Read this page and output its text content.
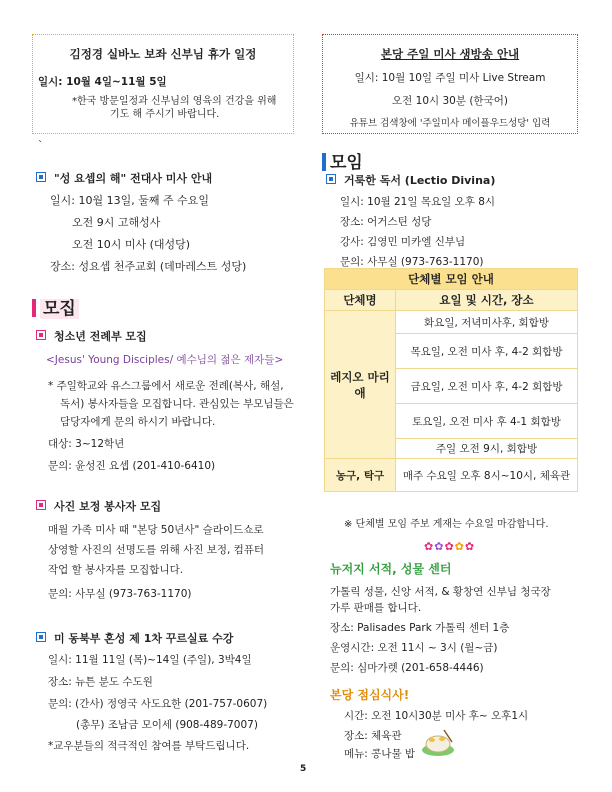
김정경 실바노 보좌 신부님 휴가 일정
일시: 10월 4일~11월 5일
*한국 방문일정과 신부님의 영육의 건강을 위해
기도 해 주시기 바랍니다.
본당 주일 미사 생방송 안내
일시: 10월 10일 주일 미사 Live Stream
오전 10시 30분 (한국어)
유튜브 검색창에 '주일미사 메이플우드성당' 입력
`
"성 요셉의 해" 전대사 미사 안내
일시: 10월 13일, 둘째 주 수요일
오전 9시 고해성사
오전 10시 미사 (대성당)
장소: 성요셉 천주교회 (데마레스트 성당)
모집
청소년 전례부 모집
<Jesus' Young Disciples/ 예수님의 젊은 제자들>
* 주일학교와 유스그룹에서 새로운 전례(복사, 해설,
독서) 봉사자들을 모집합니다. 관심있는 부모님들은
담당자에게 문의 하시기 바랍니다.
대상: 3~12학년
문의: 윤성진 요셉 (201-410-6410)
사진 보정 봉사자 모집
매월 가족 미사 때 "본당 50년사" 슬라이드쇼로
상영할 사진의 선명도를 위해 사진 보정, 컴퓨터
작업 할 봉사자를 모집합니다.
문의: 사무실 (973-763-1170)
미 동북부 혼성 제 1차 꾸르실료 수강
일시: 11월 11일 (목)~14일 (주일), 3박4일
장소: 뉴튼 분도 수도원
문의: (간사) 정영국 사도요한 (201-757-0607)
(총무) 조남금 모이세 (908-489-7007)
*교우분들의 적극적인 참여를 부탁드립니다.
모임
거룩한 독서 (Lectio Divina)
일시: 10월 21일 목요일 오후 8시
장소: 어거스틴 성당
강사: 김영민 미카엘 신부님
문의: 사무실 (973-763-1170)
단체별 모임 안내	
단체명	요일 및 시간, 장소
레지오 마리애	화요일, 저녁미사후, 회합방
	목요일, 오전 미사 후, 4-2 회합방
	금요일, 오전 미사 후, 4-2 회합방
	토요일, 오전 미사 후 4-1 회합방
	주일 오전 9시, 회합방
농구, 탁구	매주 수요일 오후 8시~10시, 체육관
※ 단체별 모임 주보 게재는 수요일 마감합니다.
✿✿✿✿✿
뉴저지 서적, 성물 센터
가톨릭 성물, 신앙 서적, & 황창연 신부님 청국장
가루 판매를 합니다.
장소: Palisades Park 가톨릭 센터 1층
운영시간: 오전 11시 ~ 3시 (월~금)
문의: 심마가렛 (201-658-4446)
본당 점심식사!
시간: 오전 10시30분 미사 후~ 오후1시
장소: 체육관
메뉴: 콩나물 밥
5
